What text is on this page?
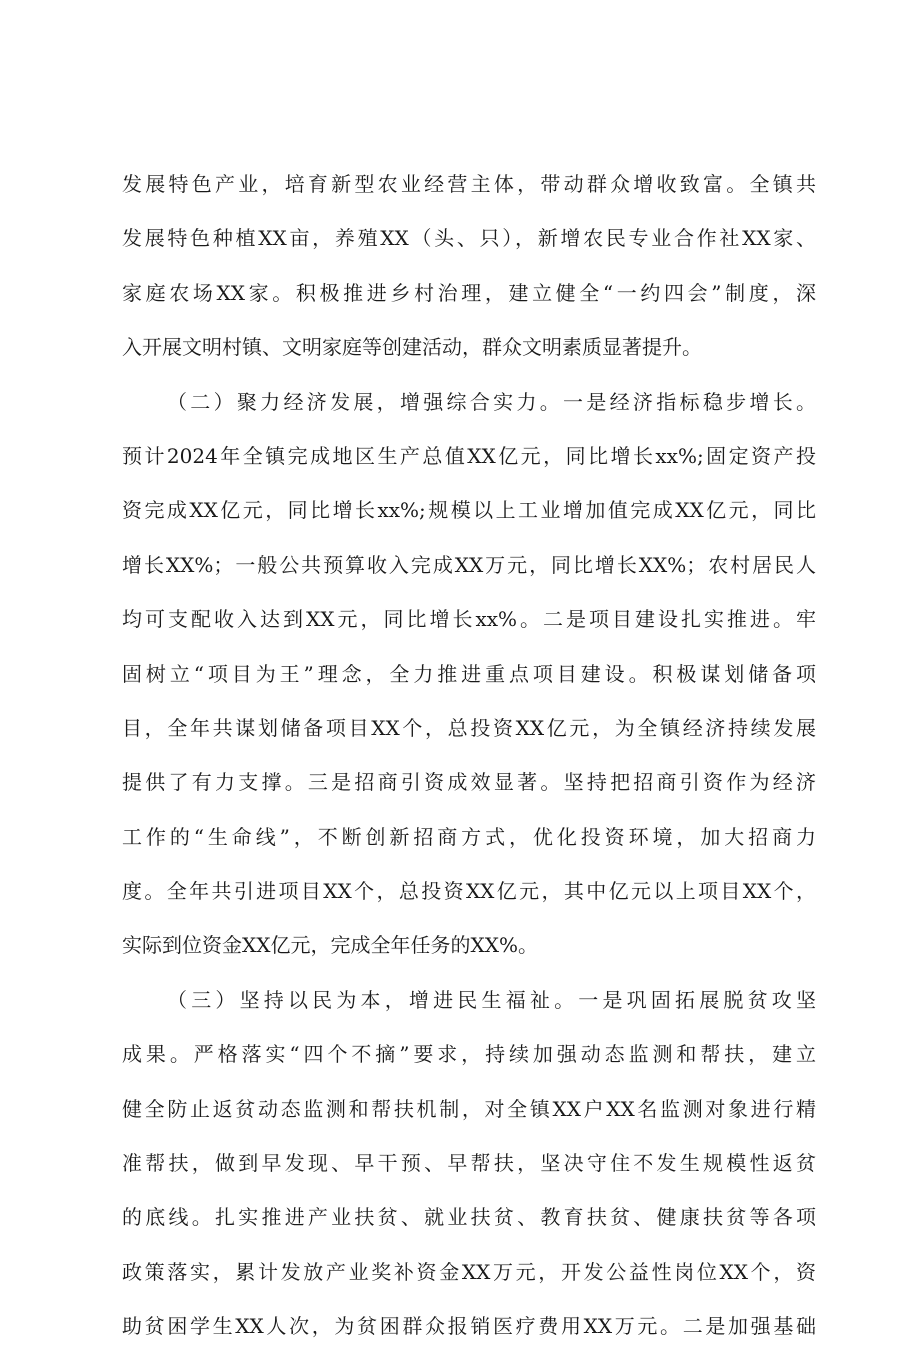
发展特色产业，培育新型农业经营主体，带动群众增收致富。全镇共
发展特色种植XX亩，养殖XX（头、只），新增农民专业合作社XX家、
家庭农场XX家。积极推进乡村治理，建立健全“一约四会”制度，深
入开展文明村镇、文明家庭等创建活动，群众文明素质显著提升。
（二）聚力经济发展，增强综合实力。一是经济指标稳步增长。
预计2024年全镇完成地区生产总值XX亿元，同比增长xx%;固定资产投
资完成XX亿元，同比增长xx%;规模以上工业增加值完成XX亿元，同比
增长XX%；一般公共预算收入完成XX万元，同比增长XX%；农村居民人
均可支配收入达到XX元，同比增长xx%。二是项目建设扎实推进。牢
固树立“项目为王”理念，全力推进重点项目建设。积极谋划储备项
目，全年共谋划储备项目XX个，总投资XX亿元，为全镇经济持续发展
提供了有力支撑。三是招商引资成效显著。坚持把招商引资作为经济
工作的“生命线”，不断创新招商方式，优化投资环境，加大招商力
度。全年共引进项目XX个，总投资XX亿元，其中亿元以上项目XX个，
实际到位资金XX亿元，完成全年任务的XX%。
（三）坚持以民为本，增进民生福祉。一是巩固拓展脱贫攻坚
成果。严格落实“四个不摘”要求，持续加强动态监测和帮扶，建立
健全防止返贫动态监测和帮扶机制，对全镇XX户XX名监测对象进行精
准帮扶，做到早发现、早干预、早帮扶，坚决守住不发生规模性返贫
的底线。扎实推进产业扶贫、就业扶贫、教育扶贫、健康扶贫等各项
政策落实，累计发放产业奖补资金XX万元，开发公益性岗位XX个，资
助贫困学生XX人次，为贫困群众报销医疗费用XX万元。二是加强基础
